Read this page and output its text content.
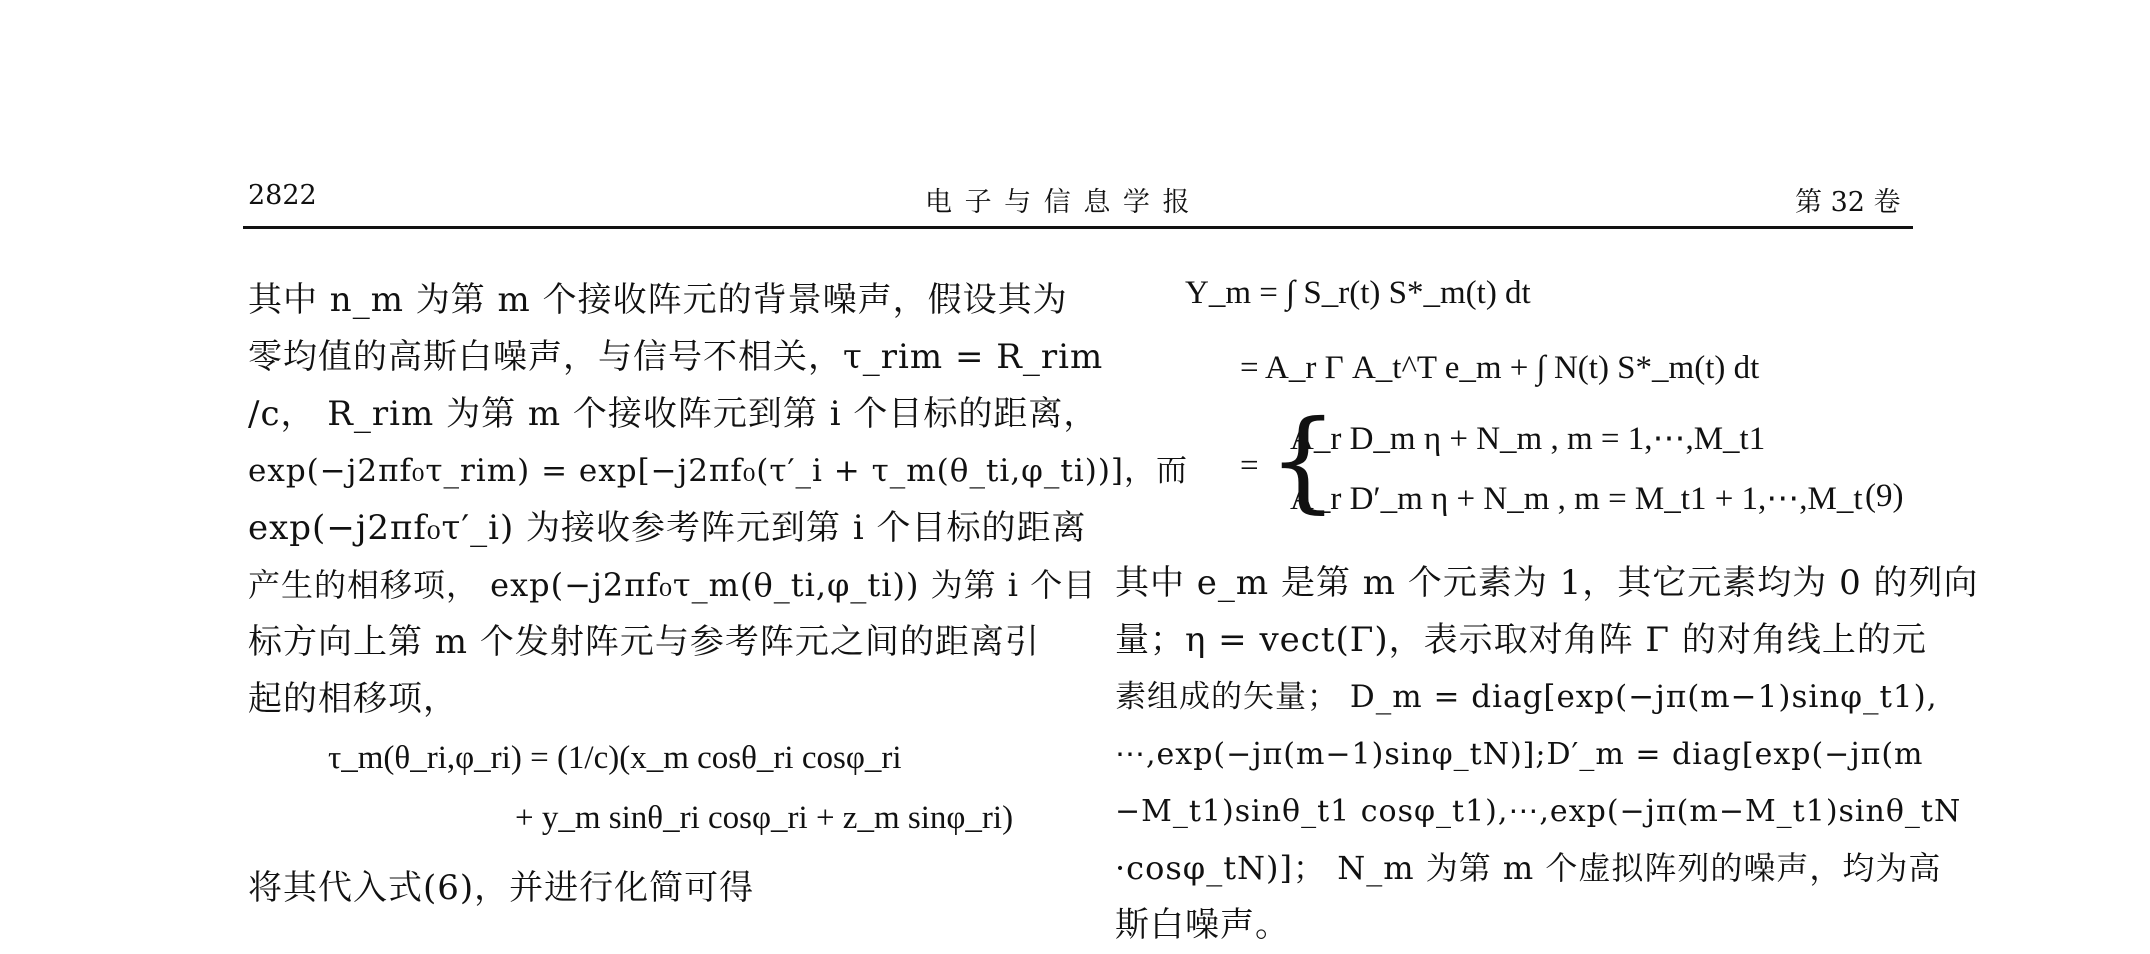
2822	电 子 与 信 息 学 报	第 32 卷
其中 n_m 为第 m 个接收阵元的背景噪声，假设其为
零均值的高斯白噪声，与信号不相关，τ_rim = R_rim
/c， R_rim 为第 m 个接收阵元到第 i 个目标的距离，
exp(−j2πf₀τ_rim) = exp[−j2πf₀(τ′_i + τ_m(θ_ti,φ_ti))]，而
exp(−j2πf₀τ′_i) 为接收参考阵元到第 i 个目标的距离
产生的相移项， exp(−j2πf₀τ_m(θ_ti,φ_ti)) 为第 i 个目
标方向上第 m 个发射阵元与参考阵元之间的距离引
起的相移项，
τ_m(θ_ri,φ_ri) = (1/c)(x_m cosθ_ri cosφ_ri
+ y_m sinθ_ri cosφ_ri + z_m sinφ_ri)
将其代入式(6)，并进行化简可得
Y_m = ∫ S_r(t) S*_m(t) dt
= A_r Γ A_t^T e_m + ∫ N(t) S*_m(t) dt
= {
A_r D_m η + N_m , m = 1,⋯,M_t1
A_r D′_m η + N_m , m = M_t1 + 1,⋯,M_t (9)
其中 e_m 是第 m 个元素为 1，其它元素均为 0 的列向
量；η = vect(Γ)，表示取对角阵 Γ 的对角线上的元
素组成的矢量； D_m = diag[exp(−jπ(m−1)sinφ_t1),
⋯,exp(−jπ(m−1)sinφ_tN)];D′_m = diag[exp(−jπ(m
−M_t1)sinθ_t1 cosφ_t1),⋯,exp(−jπ(m−M_t1)sinθ_tN
·cosφ_tN)]； N_m 为第 m 个虚拟阵列的噪声，均为高
斯白噪声。
